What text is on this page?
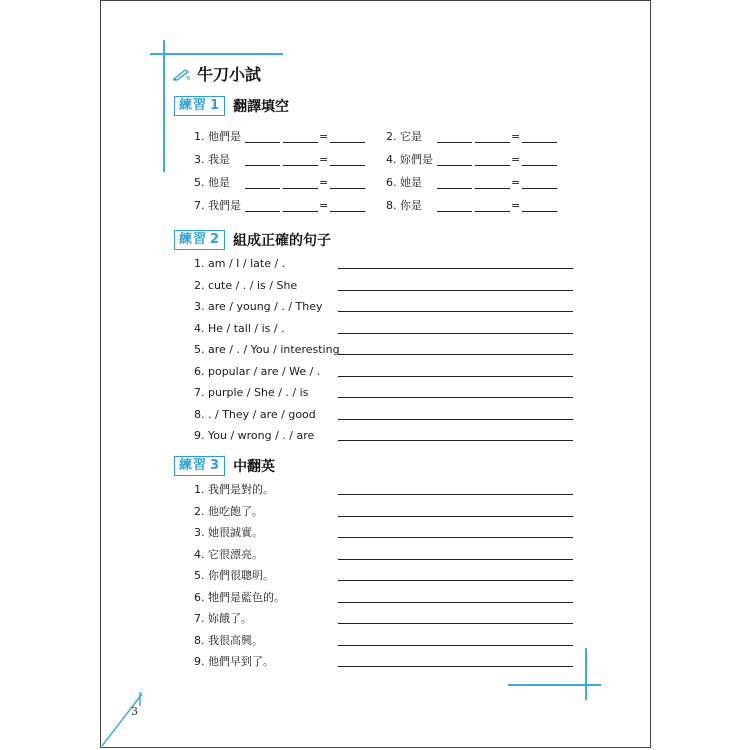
牛刀小試
練習 1 翻譯填空
1. 他們是	=	2. 它是	=
3. 我是	=	4. 妳們是	=
5. 他是	=	6. 她是	=
7. 我們是	=	8. 你是	=
練習 2 組成正確的句子
1. am / I / late / .
2. cute / . / is / She
3. are / young / . / They
4. He / tall / is / .
5. are / . / You / interesting
6. popular / are / We / .
7. purple / She / . / is
8. . / They / are / good
9. You / wrong / . / are
練習 3 中翻英
1. 我們是對的。
2. 他吃飽了。
3. 她很誠實。
4. 它很漂亮。
5. 你們很聰明。
6. 牠們是藍色的。
7. 妳餓了。
8. 我很高興。
9. 他們早到了。
3
